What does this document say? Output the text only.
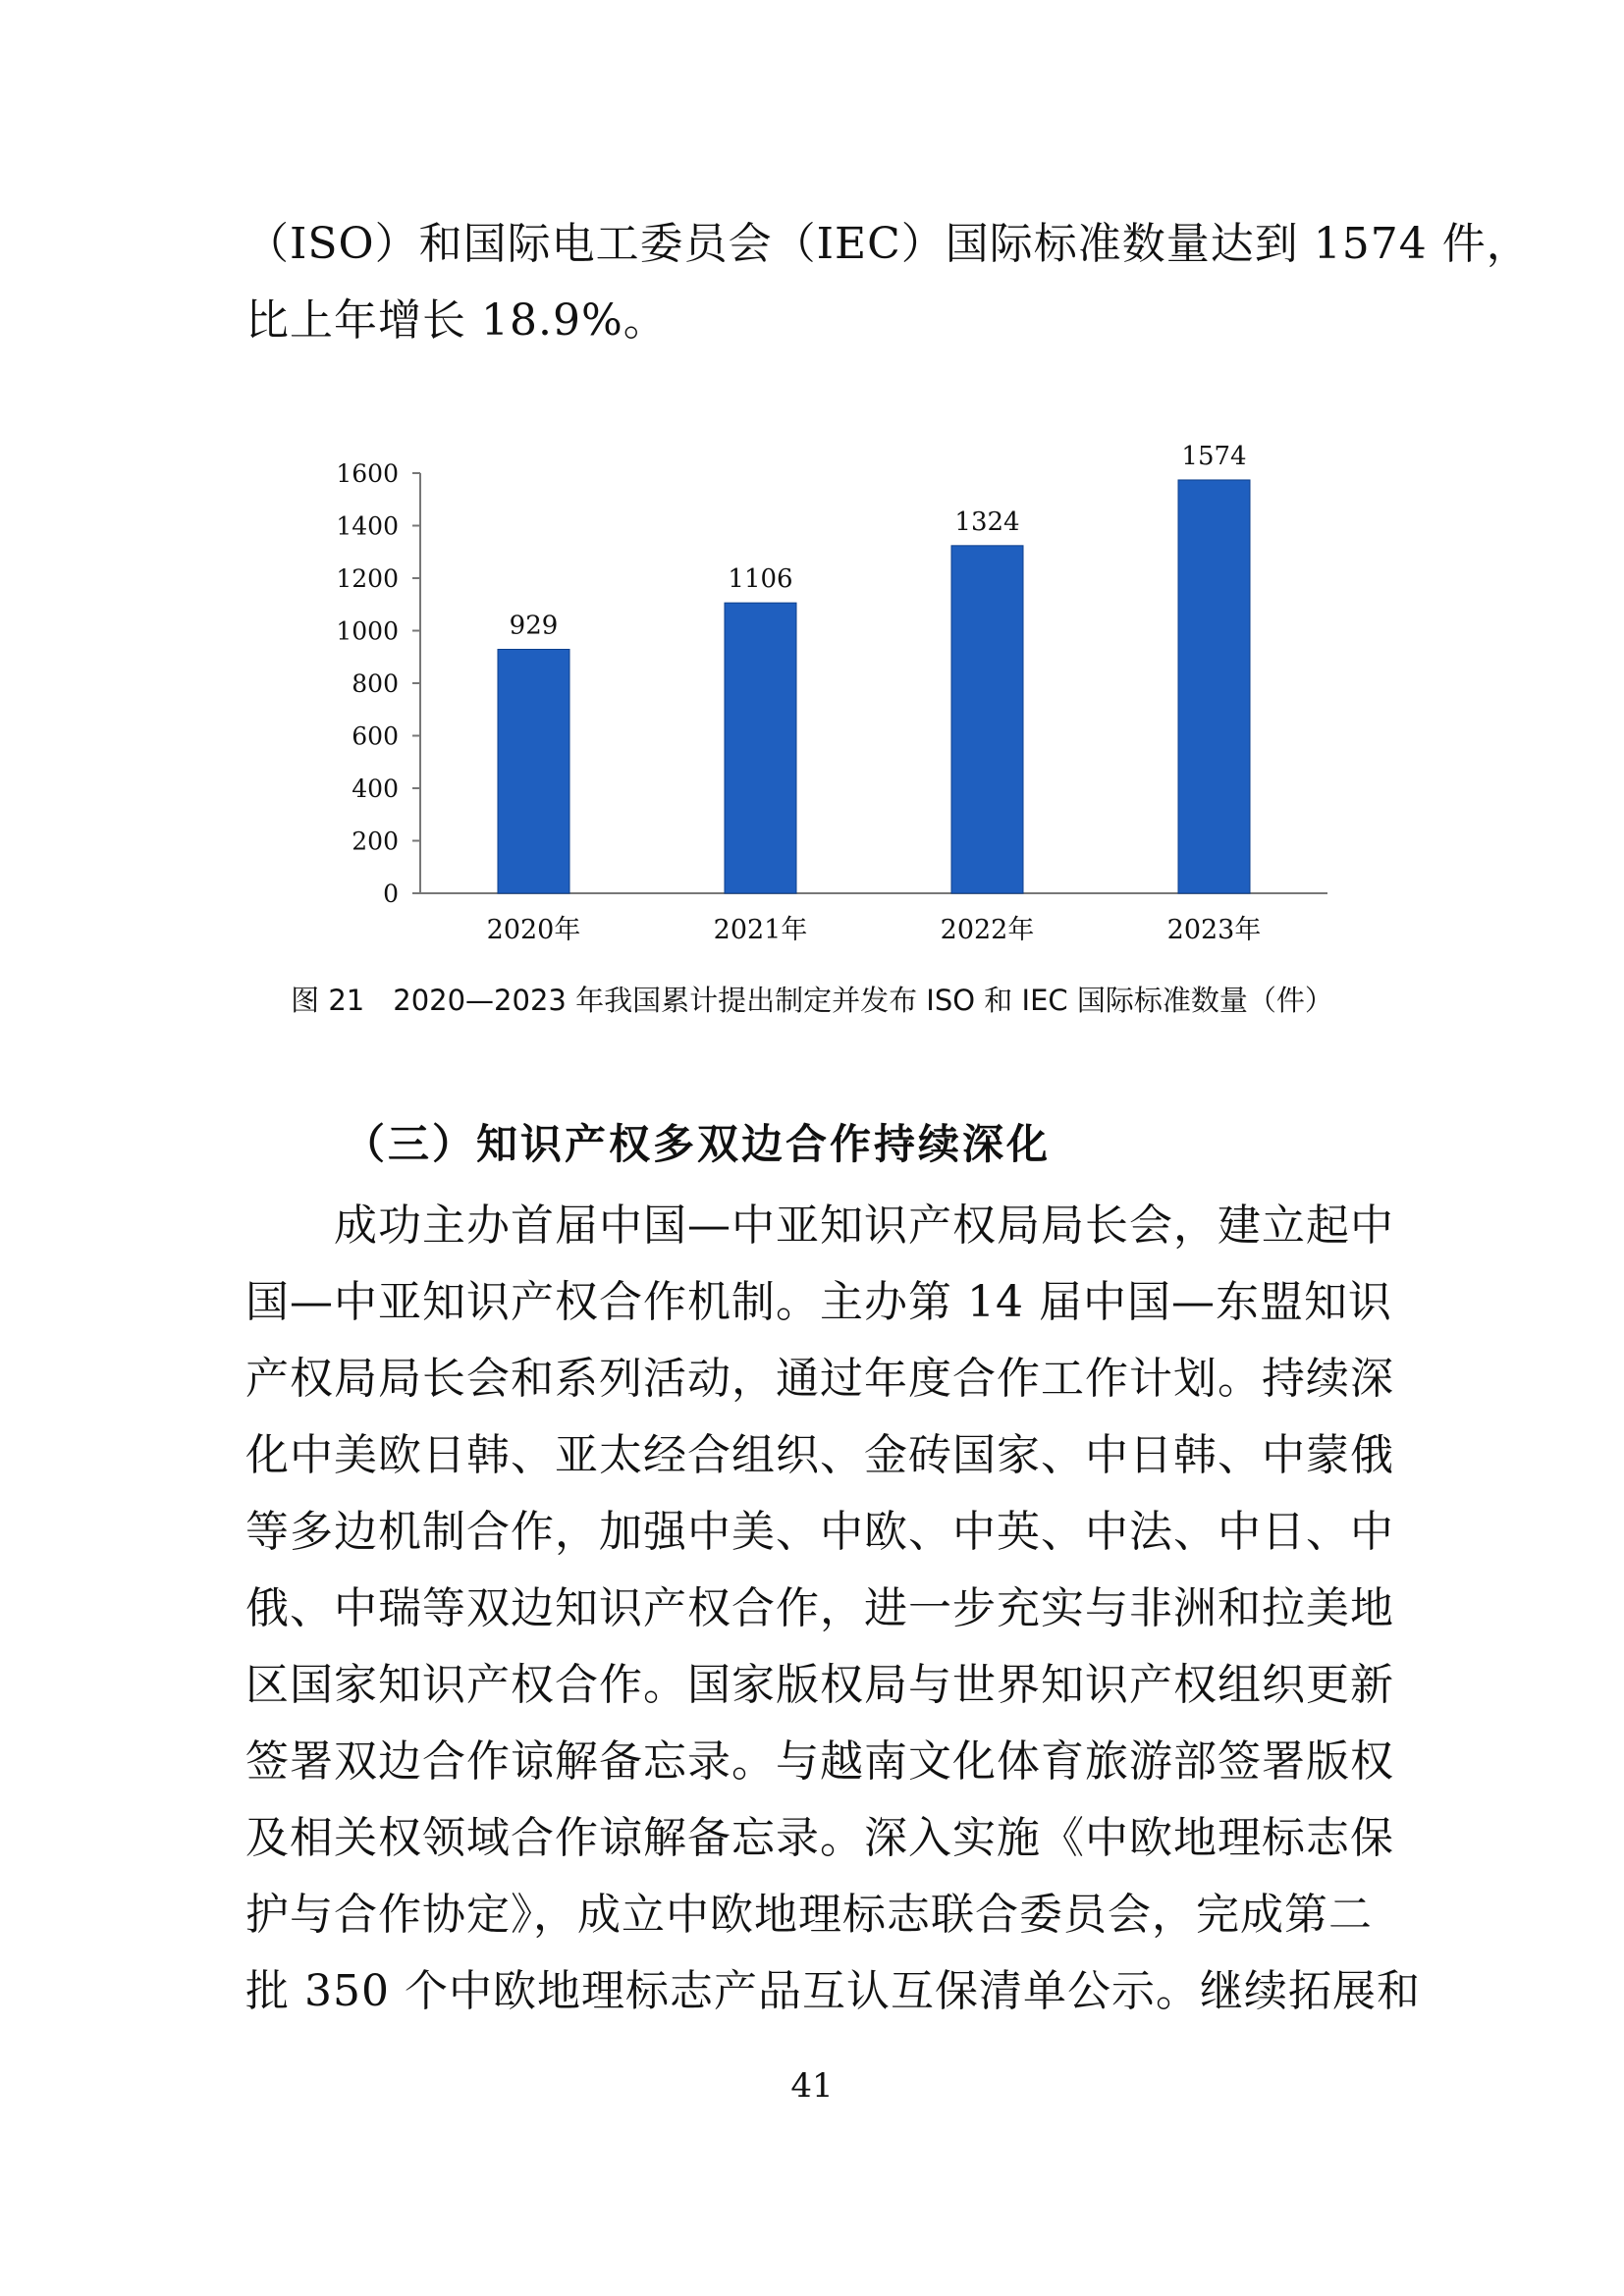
（ISO）和国际电工委员会（IEC）国际标准数量达到 1574 件，
比上年增长 18.9%。
0
200
400
600
800
1000
1200
1400
1600
2020年	2021年	2022年	2023年
929
1106
1324
1574
图 21　2020—2023 年我国累计提出制定并发布 ISO 和 IEC 国际标准数量（件）
（三）知识产权多双边合作持续深化
　　成功主办首届中国—中亚知识产权局局长会，建立起中
国—中亚知识产权合作机制。主办第 14 届中国—东盟知识
产权局局长会和系列活动，通过年度合作工作计划。持续深
化中美欧日韩、亚太经合组织、金砖国家、中日韩、中蒙俄
等多边机制合作，加强中美、中欧、中英、中法、中日、中
俄、中瑞等双边知识产权合作，进一步充实与非洲和拉美地
区国家知识产权合作。国家版权局与世界知识产权组织更新
签署双边合作谅解备忘录。与越南文化体育旅游部签署版权
及相关权领域合作谅解备忘录。深入实施《中欧地理标志保
护与合作协定》，成立中欧地理标志联合委员会，完成第二
批 350 个中欧地理标志产品互认互保清单公示。继续拓展和
41
